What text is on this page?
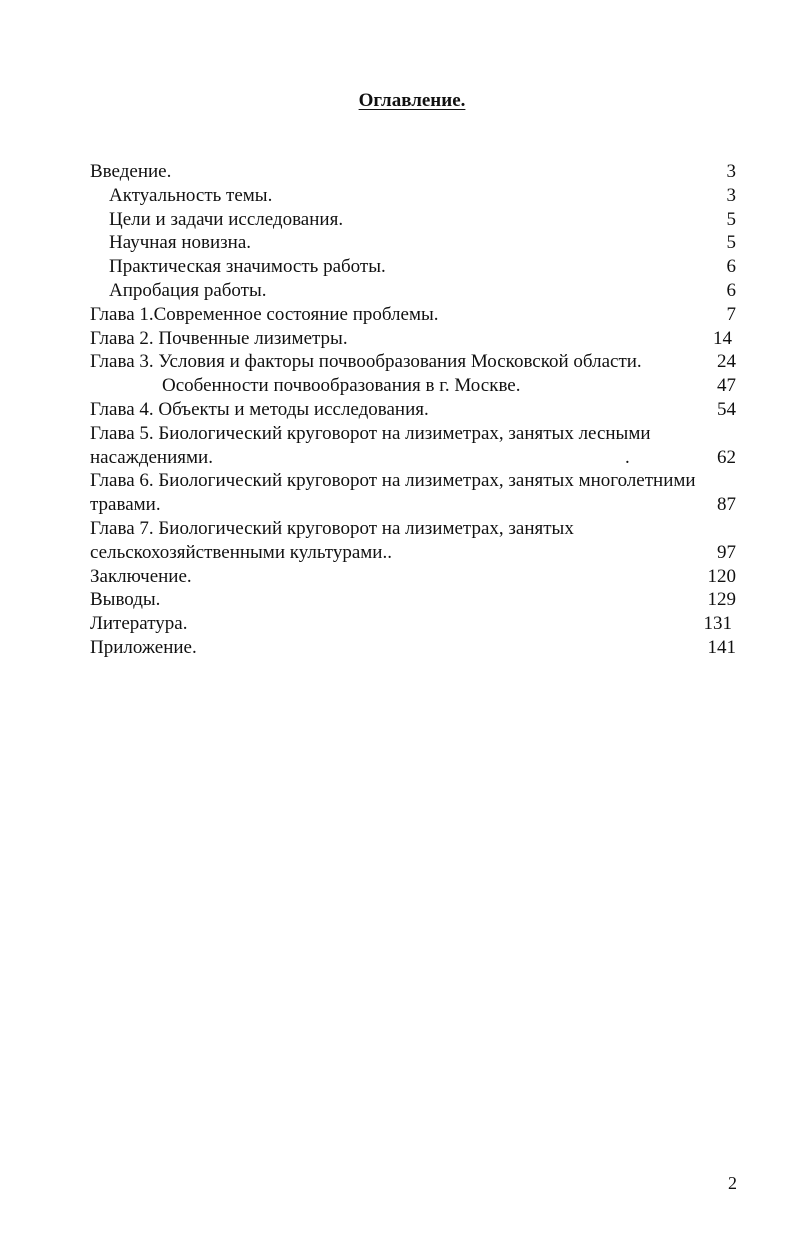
Оглавление.
Введение.	3
Актуальность темы.	3
Цели и задачи исследования.	5
Научная новизна.	5
Практическая значимость работы.	6
Апробация работы.	6
Глава 1.Современное состояние проблемы.	7
Глава 2. Почвенные лизиметры.	14
Глава 3. Условия и факторы почвообразования Московской области.	24
Особенности почвообразования в г. Москве.	47
Глава 4. Объекты и методы исследования.	54
Глава 5. Биологический круговорот на лизиметрах, занятых лесными
насаждениями.	.	62
Глава 6. Биологический круговорот на лизиметрах, занятых многолетними
травами.	87
Глава 7. Биологический круговорот на лизиметрах, занятых
сельскохозяйственными культурами..	97
Заключение.	120
Выводы.	129
Литература.	131
Приложение.	141
2
